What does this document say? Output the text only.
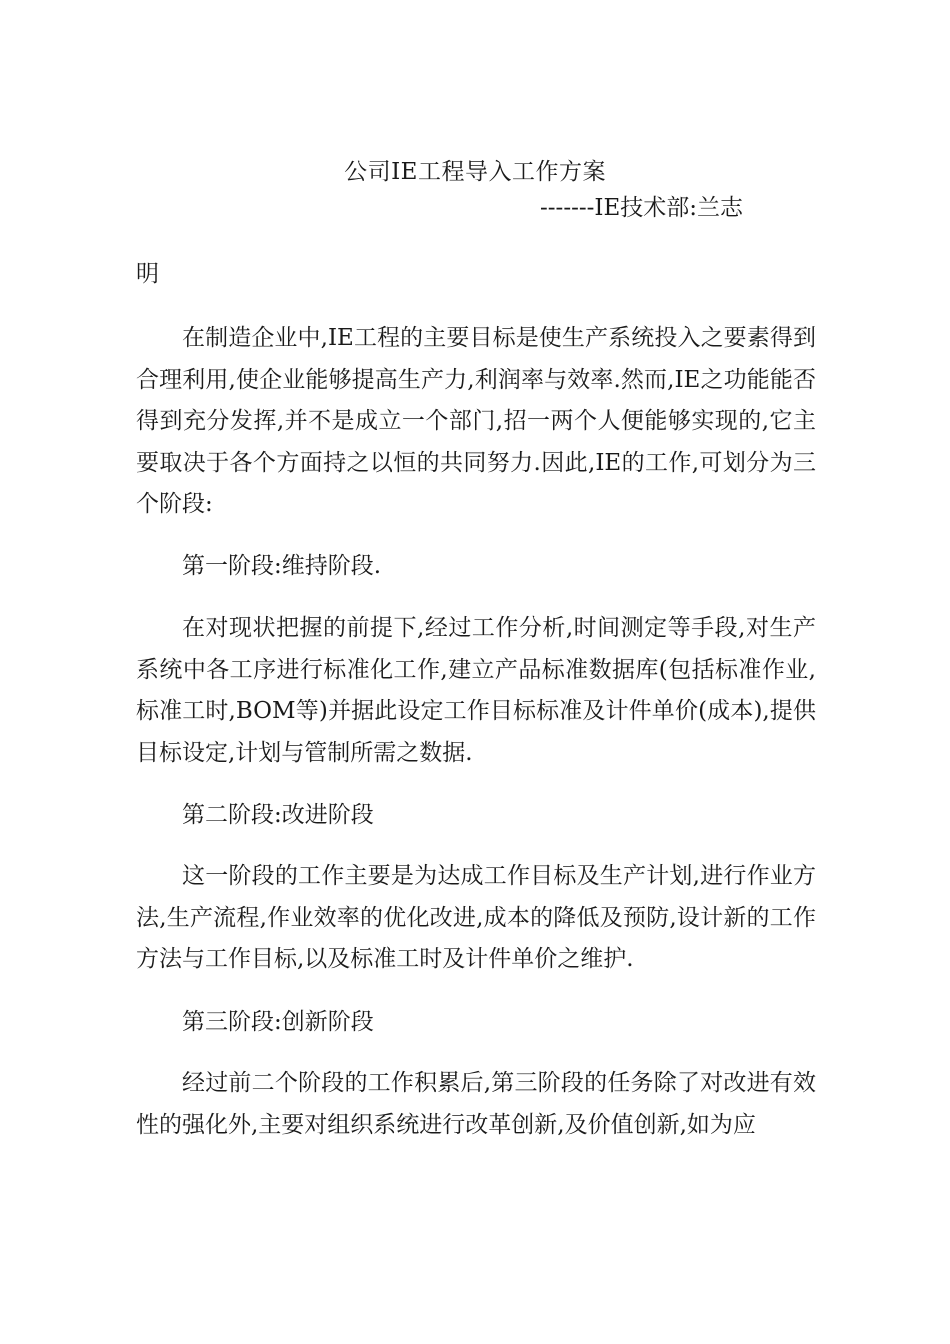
公司IE工程导入工作方案
-------IE技术部:兰志
明

在制造企业中,IE工程的主要目标是使生产系统投入之要素得到合理利用,使企业能够提高生产力,利润率与效率.然而,IE之功能能否得到充分发挥,并不是成立一个部门,招一两个人便能够实现的,它主要取决于各个方面持之以恒的共同努力.因此,IE的工作,可划分为三个阶段:

第一阶段:维持阶段.

在对现状把握的前提下,经过工作分析,时间测定等手段,对生产系统中各工序进行标准化工作,建立产品标准数据库(包括标准作业,标准工时,BOM等)并据此设定工作目标标准及计件单价(成本),提供目标设定,计划与管制所需之数据.

第二阶段:改进阶段

这一阶段的工作主要是为达成工作目标及生产计划,进行作业方法,生产流程,作业效率的优化改进,成本的降低及预防,设计新的工作方法与工作目标,以及标准工时及计件单价之维护.

第三阶段:创新阶段

经过前二个阶段的工作积累后,第三阶段的任务除了对改进有效性的强化外,主要对组织系统进行改革创新,及价值创新,如为应
